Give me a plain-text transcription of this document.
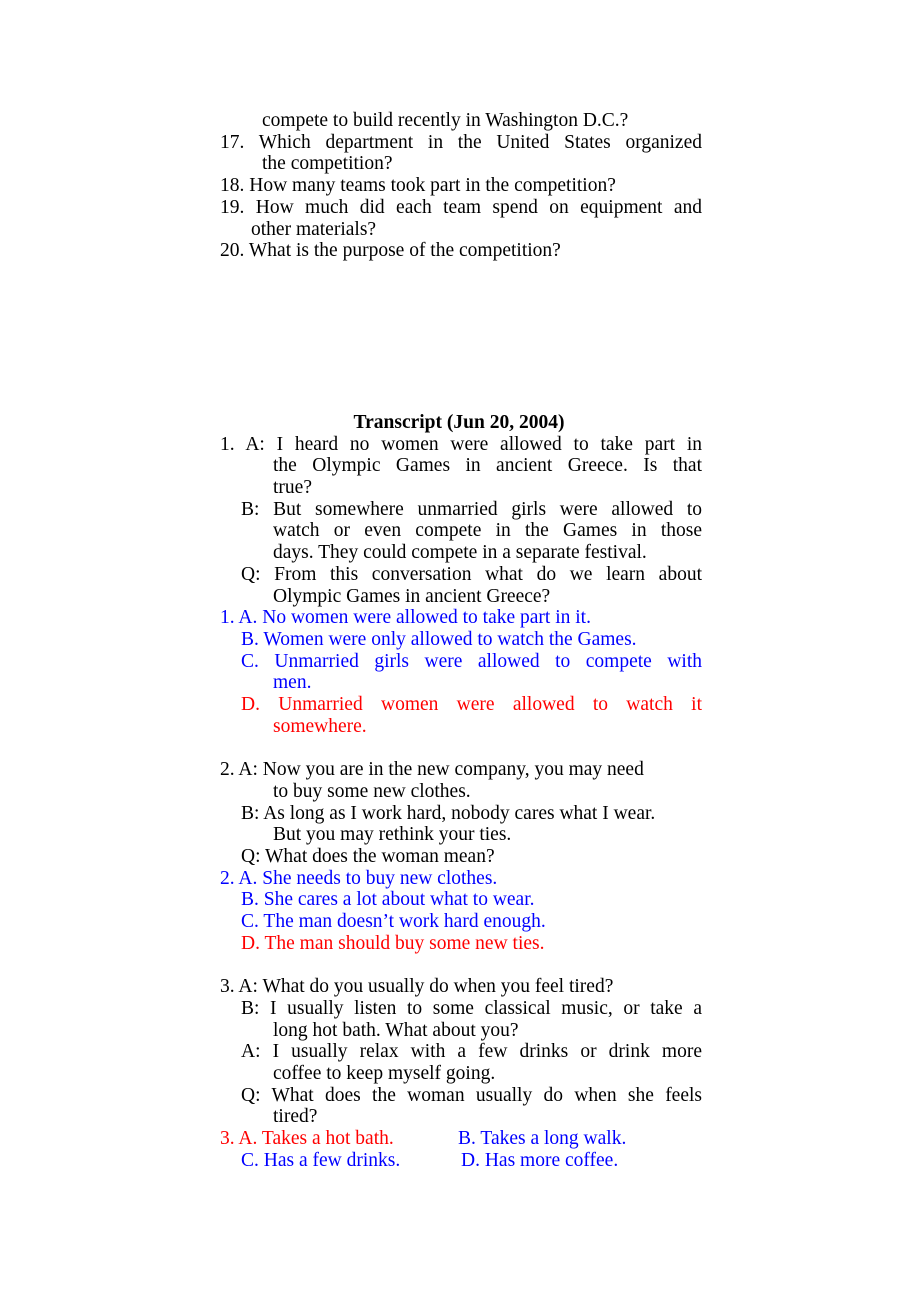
compete to build recently in Washington D.C.?
17. Which department in the United States organized
the competition?
18. How many teams took part in the competition?
19. How much did each team spend on equipment and
other materials?
20. What is the purpose of the competition?
Transcript (Jun 20, 2004)
1. A: I heard no women were allowed to take part in
the Olympic Games in ancient Greece. Is that
true?
B: But somewhere unmarried girls were allowed to
watch or even compete in the Games in those
days. They could compete in a separate festival.
Q: From this conversation what do we learn about
Olympic Games in ancient Greece?
1. A. No women were allowed to take part in it.
B. Women were only allowed to watch the Games.
C. Unmarried girls were allowed to compete with
men.
D. Unmarried women were allowed to watch it
somewhere.
2. A: Now you are in the new company, you may need
to buy some new clothes.
B: As long as I work hard, nobody cares what I wear.
But you may rethink your ties.
Q: What does the woman mean?
2. A. She needs to buy new clothes.
B. She cares a lot about what to wear.
C. The man doesn’t work hard enough.
D. The man should buy some new ties.
3. A: What do you usually do when you feel tired?
B: I usually listen to some classical music, or take a
long hot bath. What about you?
A: I usually relax with a few drinks or drink more
coffee to keep myself going.
Q: What does the woman usually do when she feels
tired?
3. A. Takes a hot bath.	B. Takes a long walk.
C. Has a few drinks.	D. Has more coffee.
